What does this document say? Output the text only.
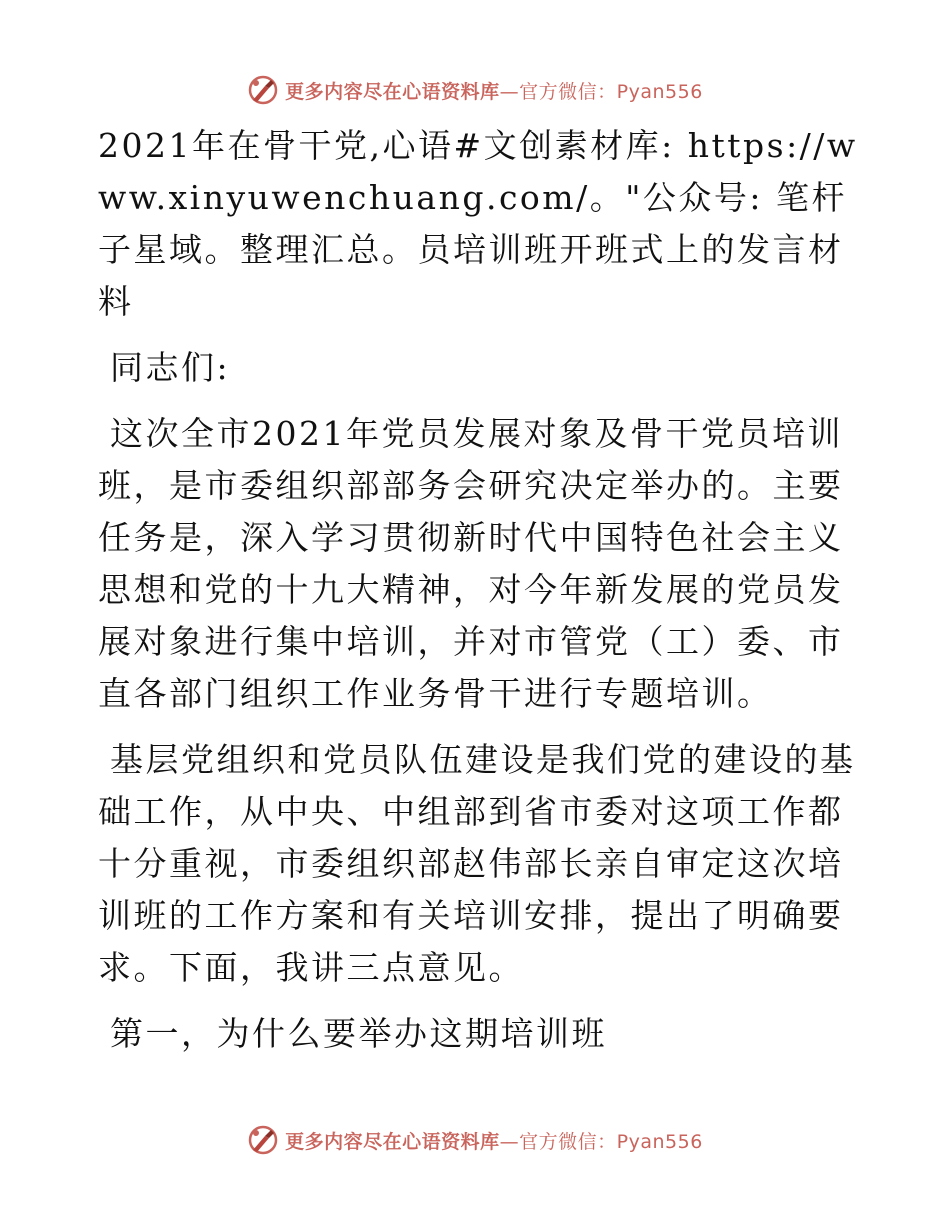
更多内容尽在心语资料库—官方微信：Pyan556

2021年在骨干党,心语#文创素材库: https://www.xinyuwenchuang.com/。"公众号: 笔杆子星域。整理汇总。员培训班开班式上的发言材料

同志们:

这次全市2021年党员发展对象及骨干党员培训班，是市委组织部部务会研究决定举办的。主要任务是，深入学习贯彻新时代中国特色社会主义思想和党的十九大精神，对今年新发展的党员发展对象进行集中培训，并对市管党（工）委、市直各部门组织工作业务骨干进行专题培训。

基层党组织和党员队伍建设是我们党的建设的基础工作，从中央、中组部到省市委对这项工作都十分重视，市委组织部赵伟部长亲自审定这次培训班的工作方案和有关培训安排，提出了明确要求。下面，我讲三点意见。

第一，为什么要举办这期培训班

更多内容尽在心语资料库—官方微信：Pyan556
